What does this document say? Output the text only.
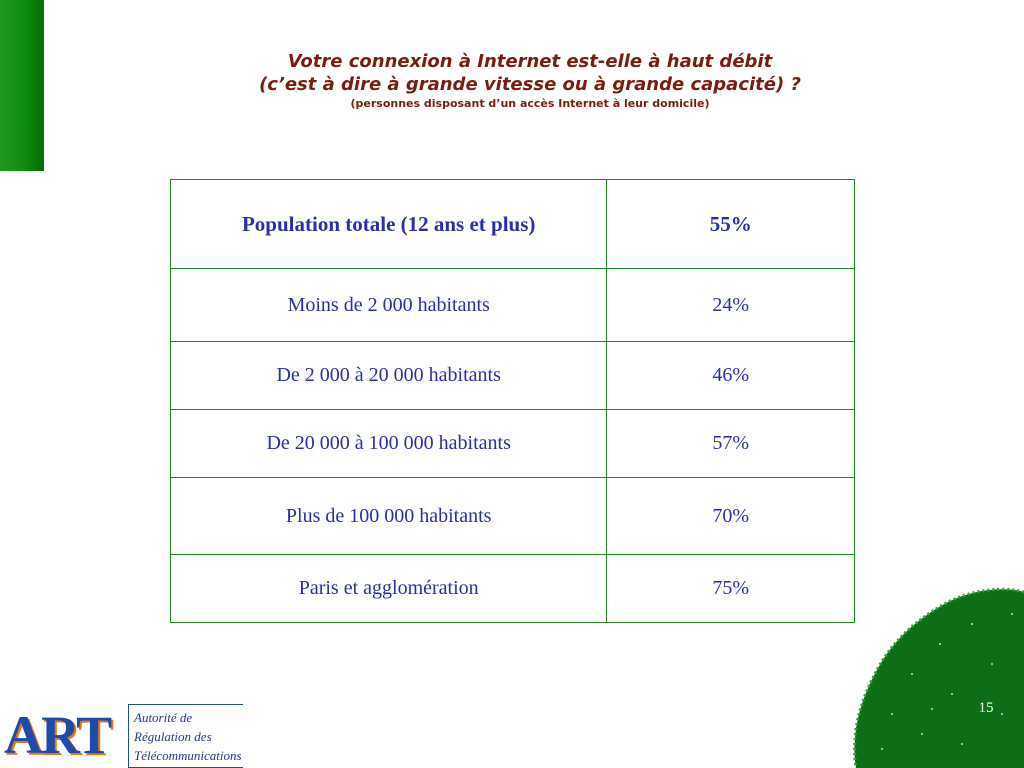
Votre connexion à Internet est-elle à haut débit
(c’est à dire à grande vitesse ou à grande capacité) ?
(personnes disposant d’un accès Internet à leur domicile)
Population totale (12 ans et plus)	55%
Moins de 2 000 habitants	24%
De 2 000 à 20 000 habitants	46%
De 20 000 à 100 000 habitants	57%
Plus de 100 000 habitants	70%
Paris et agglomération	75%
15
ART Autorité de
Régulation des
Télécommunications
